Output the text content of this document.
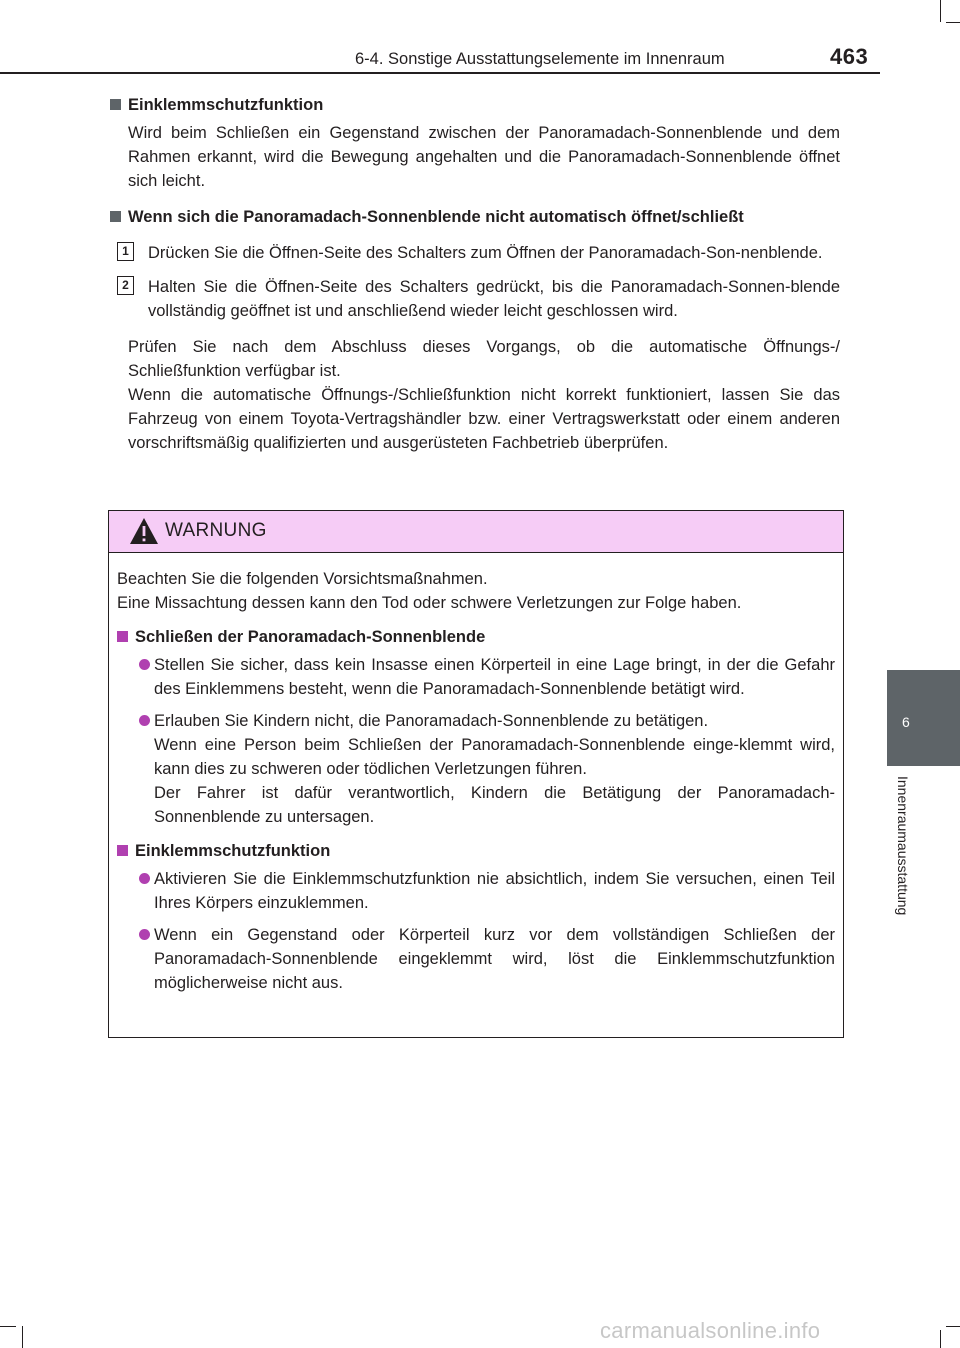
6-4. Sonstige Ausstattungselemente im Innenraum	463
6
Innenraumausstattung
Einklemmschutzfunktion

Wird beim Schließen ein Gegenstand zwischen der Panoramadach-Sonnenblende und dem Rahmen erkannt, wird die Bewegung angehalten und die Panoramadach-Sonnenblende öffnet sich leicht.

Wenn sich die Panoramadach-Sonnenblende nicht automatisch öffnet/schließt
1	Drücken Sie die Öffnen-Seite des Schalters zum Öffnen der Panoramadach-Son-nenblende.
2	Halten Sie die Öffnen-Seite des Schalters gedrückt, bis die Panoramadach-Sonnen-blende vollständig geöffnet ist und anschließend wieder leicht geschlossen wird.

Prüfen Sie nach dem Abschluss dieses Vorgangs, ob die automatische Öffnungs-/ Schließfunktion verfügbar ist.

Wenn die automatische Öffnungs-/Schließfunktion nicht korrekt funktioniert, lassen Sie das Fahrzeug von einem Toyota-Vertragshändler bzw. einer Vertragswerkstatt oder einem anderen vorschriftsmäßig qualifizierten und ausgerüsteten Fachbetrieb überprüfen.

WARNUNG

Beachten Sie die folgenden Vorsichtsmaßnahmen.

Eine Missachtung dessen kann den Tod oder schwere Verletzungen zur Folge haben.

Schließen der Panoramadach-Sonnenblende
Stellen Sie sicher, dass kein Insasse einen Körperteil in eine Lage bringt, in der die Gefahr des Einklemmens besteht, wenn die Panoramadach-Sonnenblende betätigt wird.
Erlauben Sie Kindern nicht, die Panoramadach-Sonnenblende zu betätigen.
Wenn eine Person beim Schließen der Panoramadach-Sonnenblende einge-klemmt wird, kann dies zu schweren oder tödlichen Verletzungen führen.
Der Fahrer ist dafür verantwortlich, Kindern die Betätigung der Panoramadach-Sonnenblende zu untersagen.
Einklemmschutzfunktion
Aktivieren Sie die Einklemmschutzfunktion nie absichtlich, indem Sie versuchen, einen Teil Ihres Körpers einzuklemmen.
Wenn ein Gegenstand oder Körperteil kurz vor dem vollständigen Schließen der Panoramadach-Sonnenblende eingeklemmt wird, löst die Einklemmschutzfunktion möglicherweise nicht aus.
carmanualsonline.info
